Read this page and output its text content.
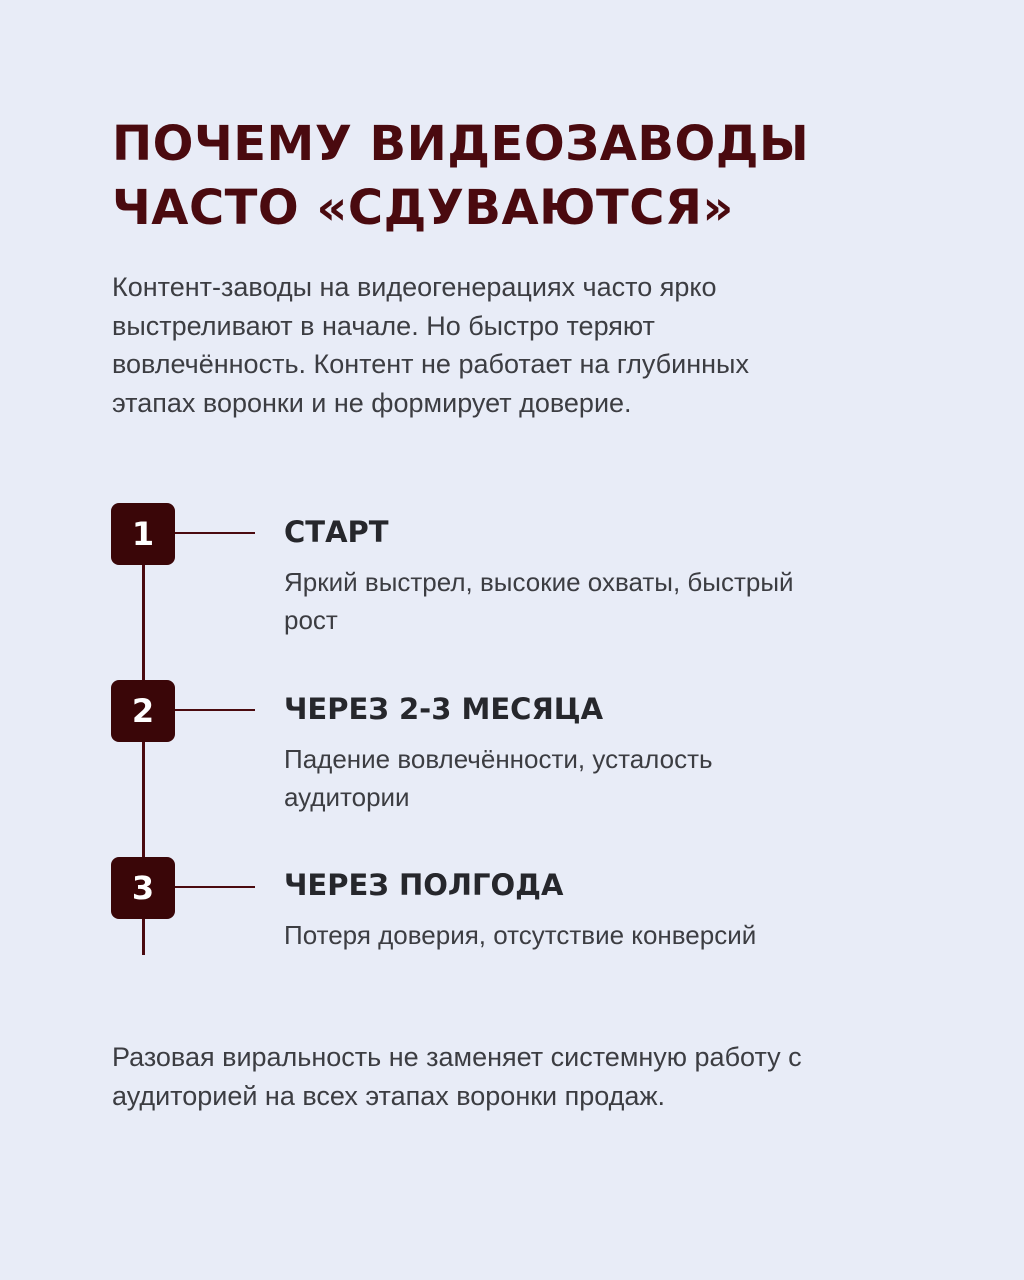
ПОЧЕМУ ВИДЕОЗАВОДЫ
ЧАСТО «СДУВАЮТСЯ»

Контент-заводы на видеогенерациях часто ярко
выстреливают в начале. Но быстро теряют
вовлечённость. Контент не работает на глубинных
этапах воронки и не формирует доверие.

1	СТАРТ

Яркий выстрел, высокие охваты, быстрый
рост

2	ЧЕРЕЗ 2-3 МЕСЯЦА

Падение вовлечённости, усталость
аудитории

3	ЧЕРЕЗ ПОЛГОДА

Потеря доверия, отсутствие конверсий

Разовая виральность не заменяет системную работу с
аудиторией на всех этапах воронки продаж.
